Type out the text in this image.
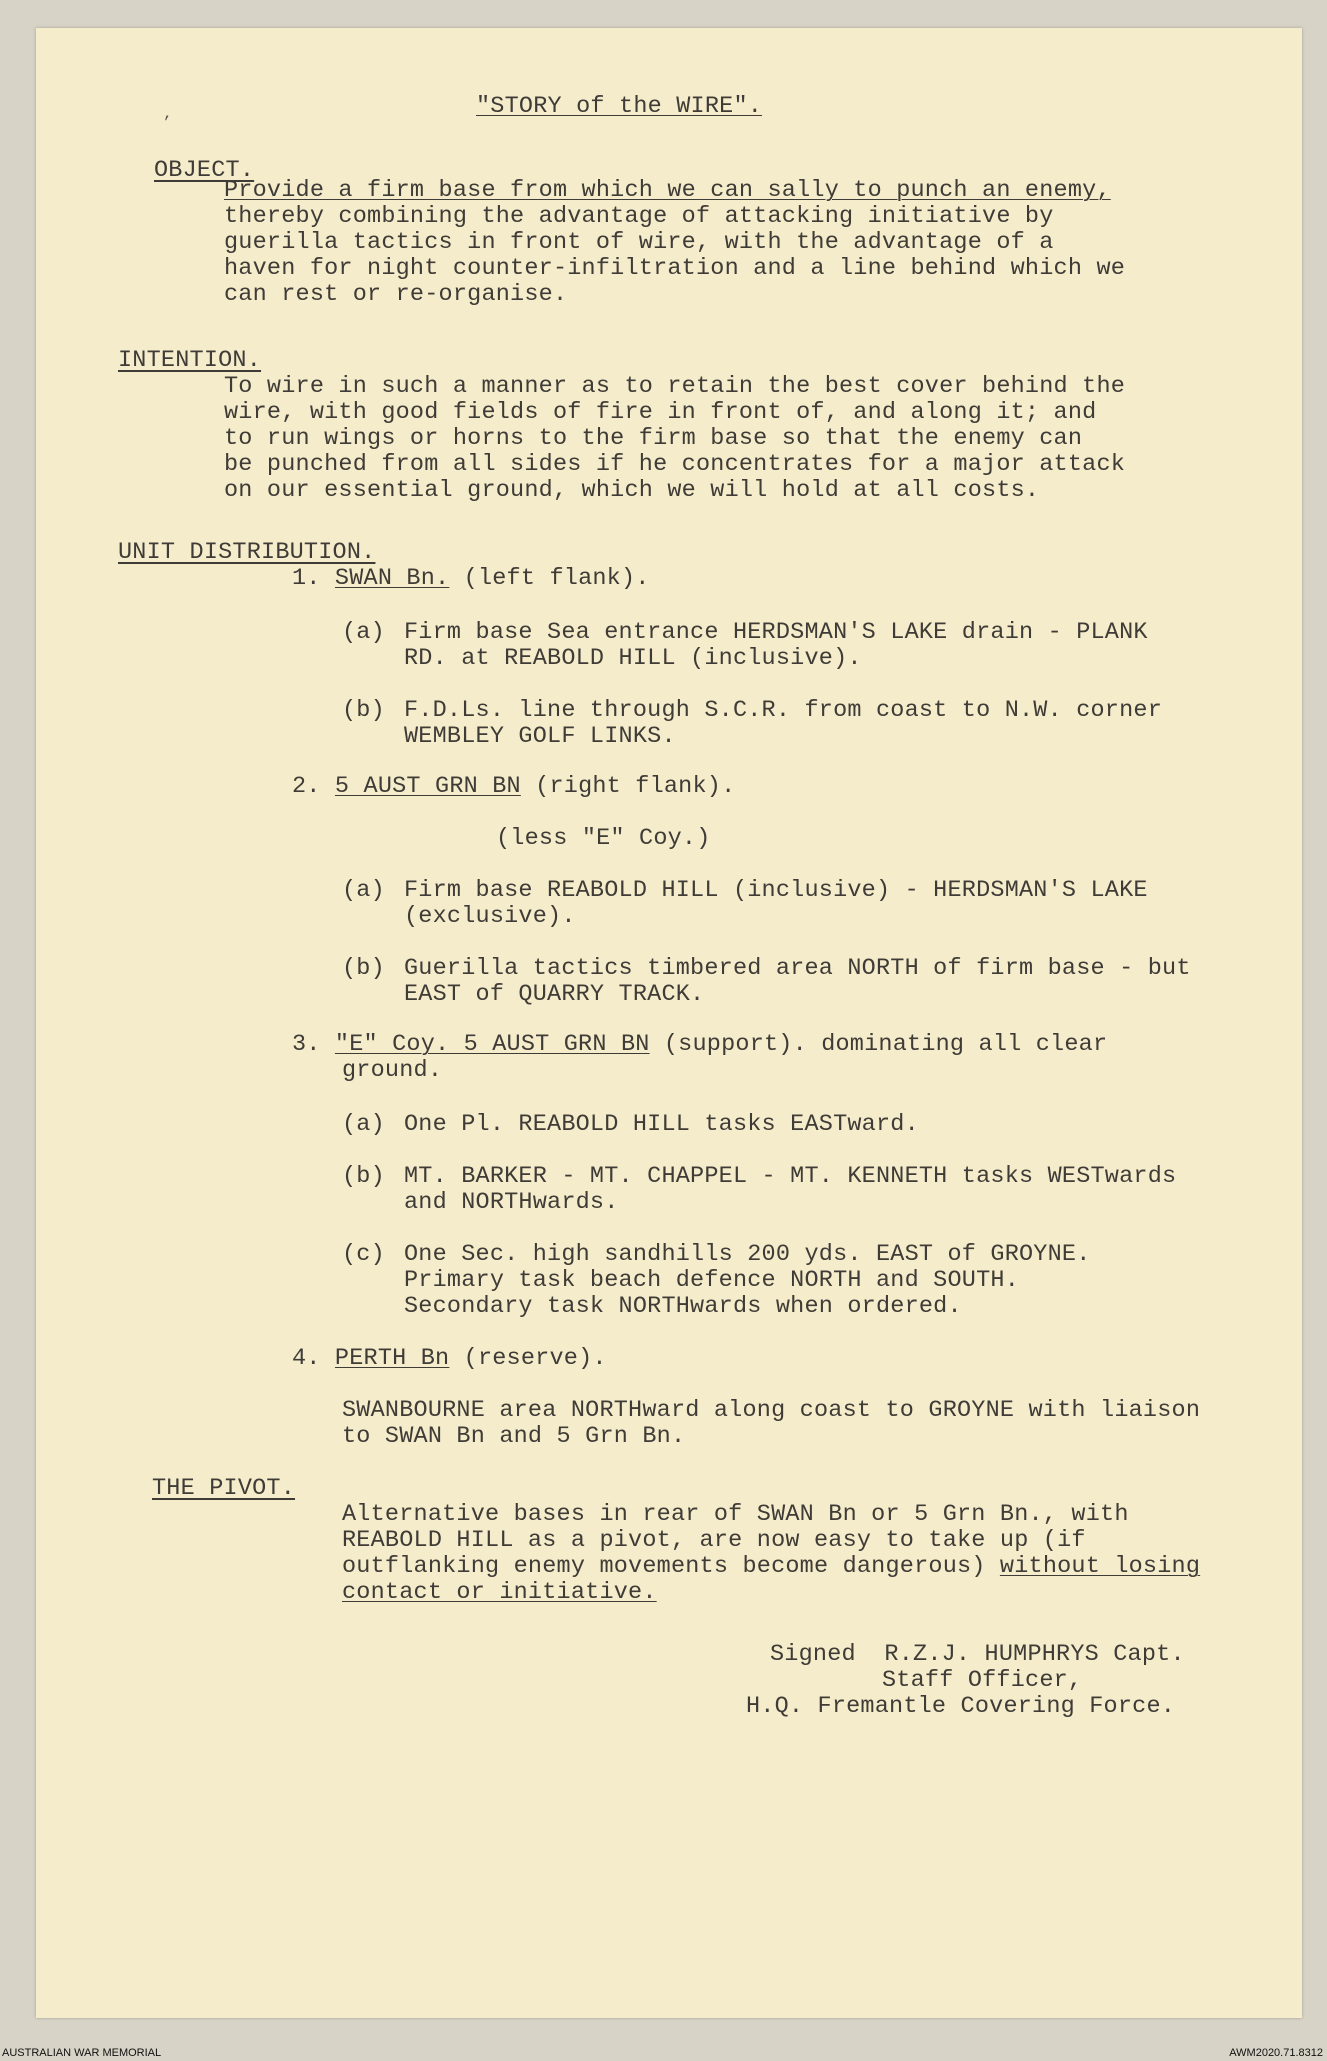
’
"STORY of the WIRE".
OBJECT.
Provide a firm base from which we can sally to punch an enemy,
thereby combining the advantage of attacking initiative by
guerilla tactics in front of wire, with the advantage of a
haven for night counter-infiltration and a line behind which we
can rest or re-organise.
INTENTION.
To wire in such a manner as to retain the best cover behind the
wire, with good fields of fire in front of, and along it; and
to run wings or horns to the firm base so that the enemy can
be punched from all sides if he concentrates for a major attack
on our essential ground, which we will hold at all costs.
UNIT DISTRIBUTION.
1. SWAN Bn. (left flank).
(a) Firm base Sea entrance HERDSMAN'S LAKE drain - PLANK
RD. at REABOLD HILL (inclusive).
(b) F.D.Ls. line through S.C.R. from coast to N.W. corner
WEMBLEY GOLF LINKS.
2. 5 AUST GRN BN (right flank).
(less "E" Coy.)
(a) Firm base REABOLD HILL (inclusive) - HERDSMAN'S LAKE
(exclusive).
(b) Guerilla tactics timbered area NORTH of firm base - but
EAST of QUARRY TRACK.
3. "E" Coy. 5 AUST GRN BN (support). dominating all clear
ground.
(a) One Pl. REABOLD HILL tasks EASTward.
(b) MT. BARKER - MT. CHAPPEL - MT. KENNETH tasks WESTwards
and NORTHwards.
(c) One Sec. high sandhills 200 yds. EAST of GROYNE.
Primary task beach defence NORTH and SOUTH.
Secondary task NORTHwards when ordered.
4. PERTH Bn (reserve).
SWANBOURNE area NORTHward along coast to GROYNE with liaison
to SWAN Bn and 5 Grn Bn.
THE PIVOT.
Alternative bases in rear of SWAN Bn or 5 Grn Bn., with
REABOLD HILL as a pivot, are now easy to take up (if
outflanking enemy movements become dangerous) without losing
contact or initiative.
Signed  R.Z.J. HUMPHRYS Capt.
Staff Officer,
H.Q. Fremantle Covering Force.
AUSTRALIAN WAR MEMORIAL	AWM2020.71.8312
